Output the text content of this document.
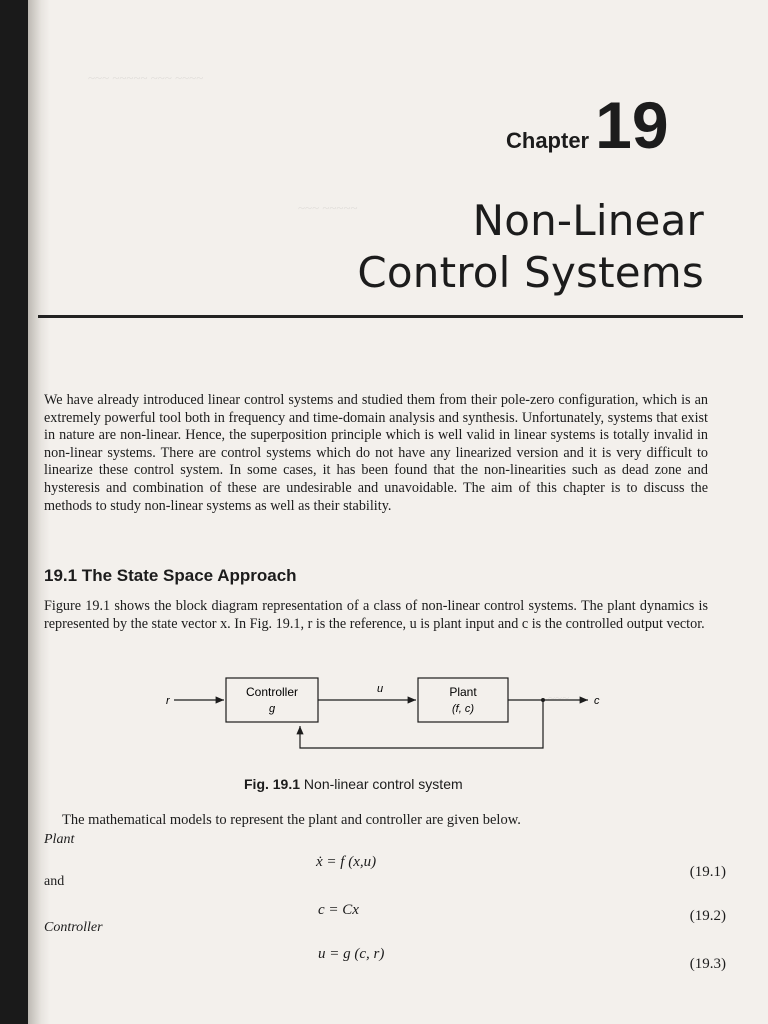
~~~ ~~~~~ ~~~ ~~~~
~~~ ~~~~~
~~~
Chapter 19
Non-Linear
Control Systems

We have already introduced linear control systems and studied them from their pole-zero configuration, which is an extremely powerful tool both in frequency and time-domain analysis and synthesis. Unfortunately, systems that exist in nature are non-linear. Hence, the superposition principle which is well valid in linear systems is totally invalid in non-linear systems. There are control systems which do not have any linearized version and it is very difficult to linearize these control system. In some cases, it has been found that the non-linearities such as dead zone and hysteresis and combination of these are undesirable and unavoidable. The aim of this chapter is to discuss the methods to study non-linear systems as well as their stability.

19.1 The State Space Approach

Figure 19.1 shows the block diagram representation of a class of non-linear control systems. The plant dynamics is represented by the state vector x. In Fig. 19.1, r is the reference, u is plant input and c is the controlled output vector.

r
Controller
g
u	Plant
(f, c)
c
Fig. 19.1 Non-linear control system
The mathematical models to represent the plant and controller are given below.
Plant
ẋ = f (x,u)
(19.1)
and
c = Cx	(19.2)
Controller
u = g (c, r)
(19.3)
